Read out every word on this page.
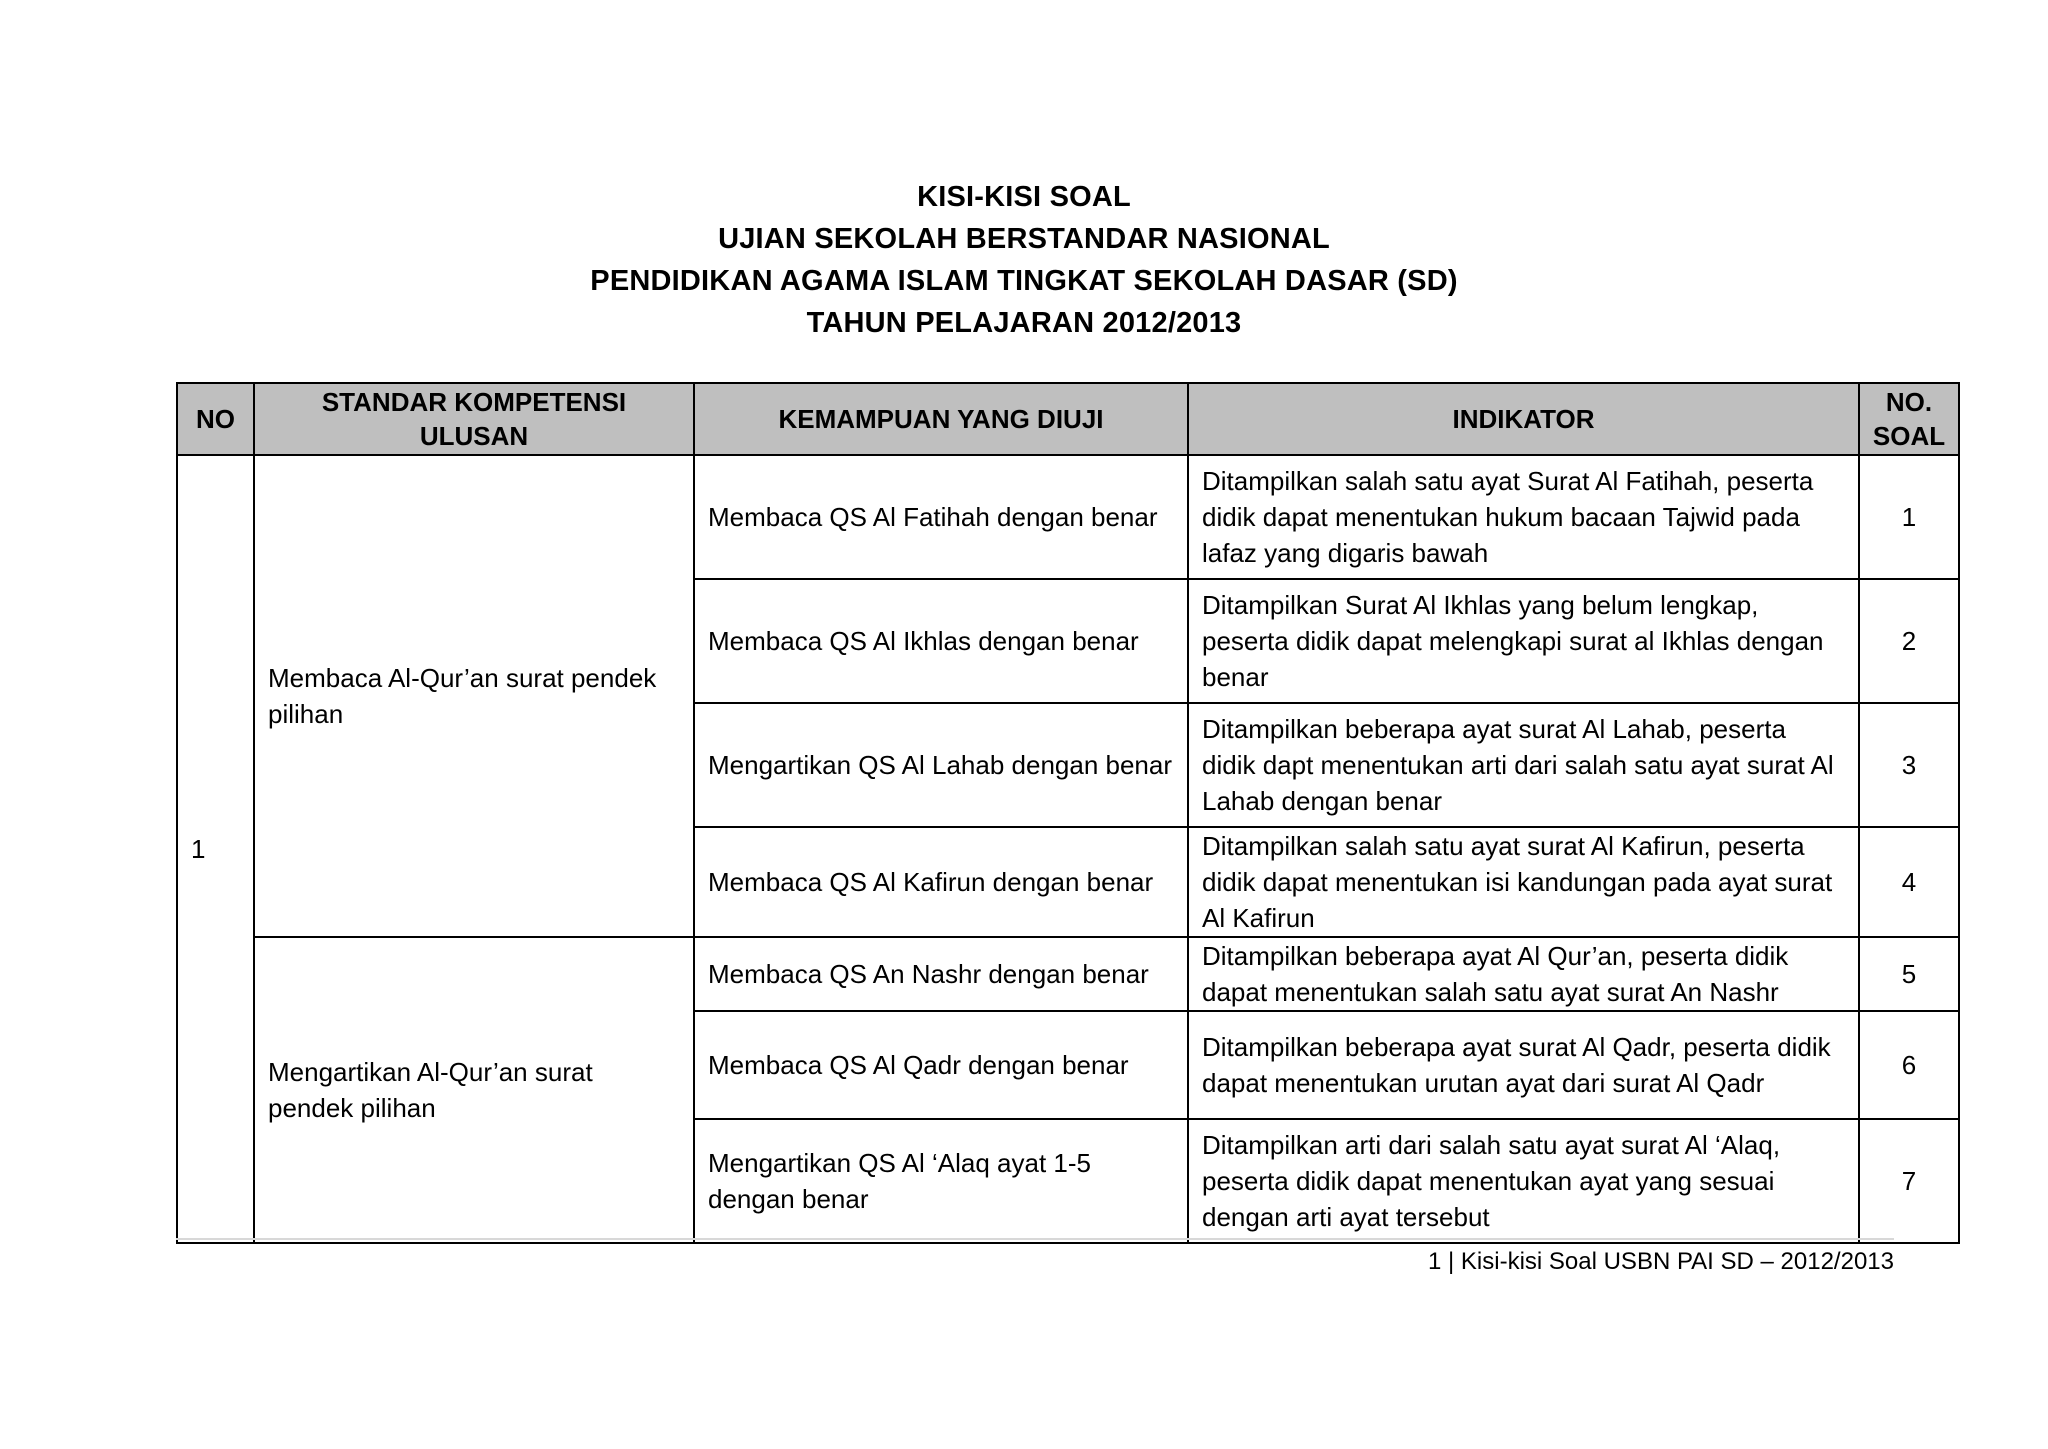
KISI-KISI SOAL
UJIAN SEKOLAH BERSTANDAR NASIONAL
PENDIDIKAN AGAMA ISLAM TINGKAT SEKOLAH DASAR (SD)
TAHUN PELAJARAN 2012/2013
NO	STANDAR KOMPETENSI ULUSAN	KEMAMPUAN YANG DIUJI	INDIKATOR	NO.
SOAL
1	Membaca Al-Qur’an surat pendek pilihan	Membaca QS Al Fatihah dengan benar	Ditampilkan salah satu ayat Surat Al Fatihah, peserta didik dapat menentukan hukum bacaan Tajwid pada lafaz yang digaris bawah	1
		Membaca QS Al Ikhlas dengan benar	Ditampilkan Surat Al Ikhlas yang belum lengkap, peserta didik dapat melengkapi surat al Ikhlas dengan benar	2
		Mengartikan QS Al Lahab dengan benar	Ditampilkan beberapa ayat surat Al Lahab, peserta didik dapt menentukan arti dari salah satu ayat surat Al Lahab dengan benar	3
		Membaca QS Al Kafirun dengan benar	Ditampilkan salah satu ayat surat Al Kafirun, peserta didik dapat menentukan isi kandungan pada ayat surat Al Kafirun	4
	Mengartikan Al-Qur’an surat pendek pilihan	Membaca QS An Nashr dengan benar	Ditampilkan beberapa ayat Al Qur’an, peserta didik dapat menentukan salah satu ayat surat An Nashr	5
		Membaca QS Al Qadr dengan benar	Ditampilkan beberapa ayat surat Al Qadr, peserta didik dapat menentukan urutan ayat dari surat Al Qadr	6
		Mengartikan QS Al ‘Alaq ayat 1-5 dengan benar	Ditampilkan arti dari salah satu ayat surat Al ‘Alaq, peserta didik dapat menentukan ayat yang sesuai dengan arti ayat tersebut	7
1 | Kisi-kisi Soal USBN PAI SD – 2012/2013
